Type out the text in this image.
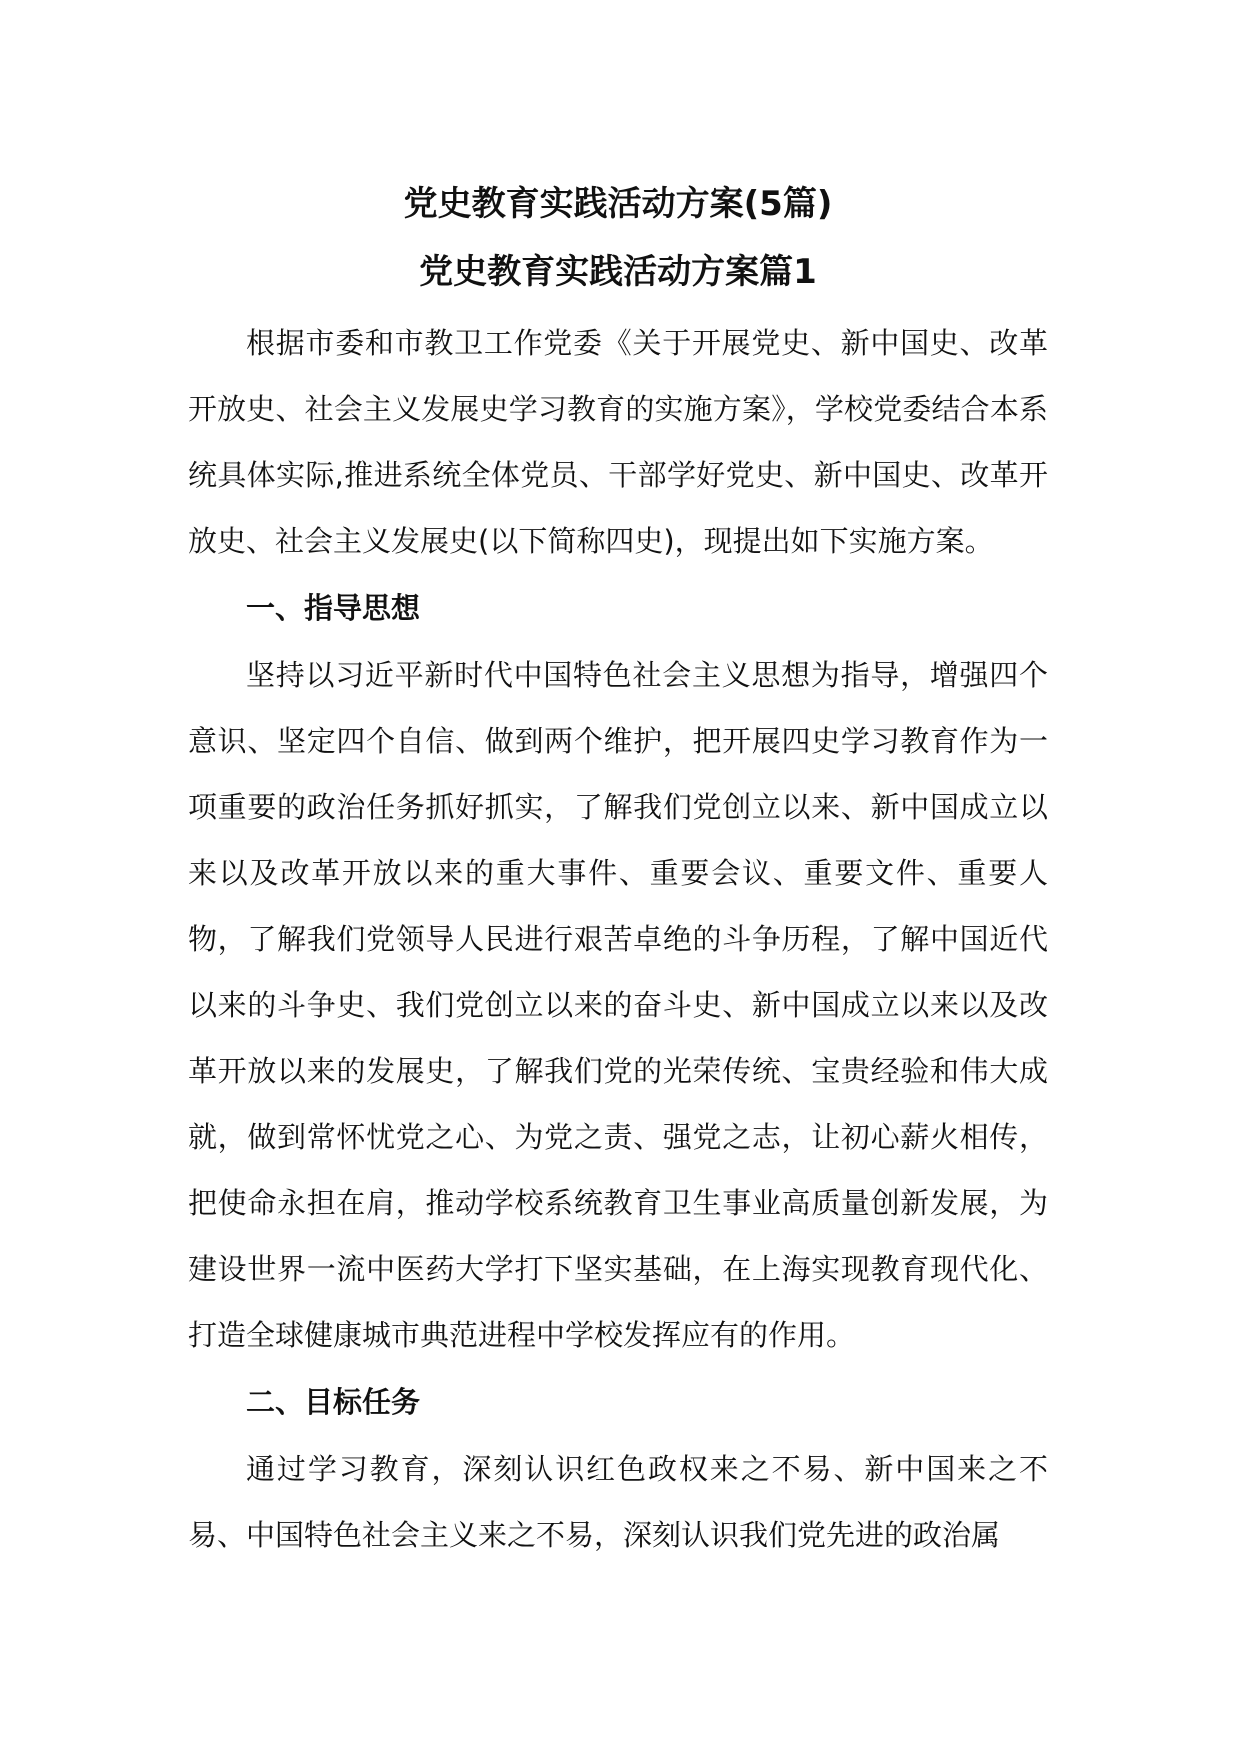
党史教育实践活动方案(5篇)
党史教育实践活动方案篇1

根据市委和市教卫工作党委《关于开展党史、新中国史、改革开放史、社会主义发展史学习教育的实施方案》，学校党委结合本系统具体实际,推进系统全体党员、干部学好党史、新中国史、改革开放史、社会主义发展史(以下简称四史)，现提出如下实施方案。

一、指导思想

坚持以习近平新时代中国特色社会主义思想为指导，增强四个意识、坚定四个自信、做到两个维护，把开展四史学习教育作为一项重要的政治任务抓好抓实，了解我们党创立以来、新中国成立以来以及改革开放以来的重大事件、重要会议、重要文件、重要人物，了解我们党领导人民进行艰苦卓绝的斗争历程，了解中国近代以来的斗争史、我们党创立以来的奋斗史、新中国成立以来以及改革开放以来的发展史，了解我们党的光荣传统、宝贵经验和伟大成就，做到常怀忧党之心、为党之责、强党之志，让初心薪火相传，把使命永担在肩，推动学校系统教育卫生事业高质量创新发展，为建设世界一流中医药大学打下坚实基础，在上海实现教育现代化、打造全球健康城市典范进程中学校发挥应有的作用。

二、目标任务

通过学习教育，深刻认识红色政权来之不易、新中国来之不易、中国特色社会主义来之不易，深刻认识我们党先进的政治属
